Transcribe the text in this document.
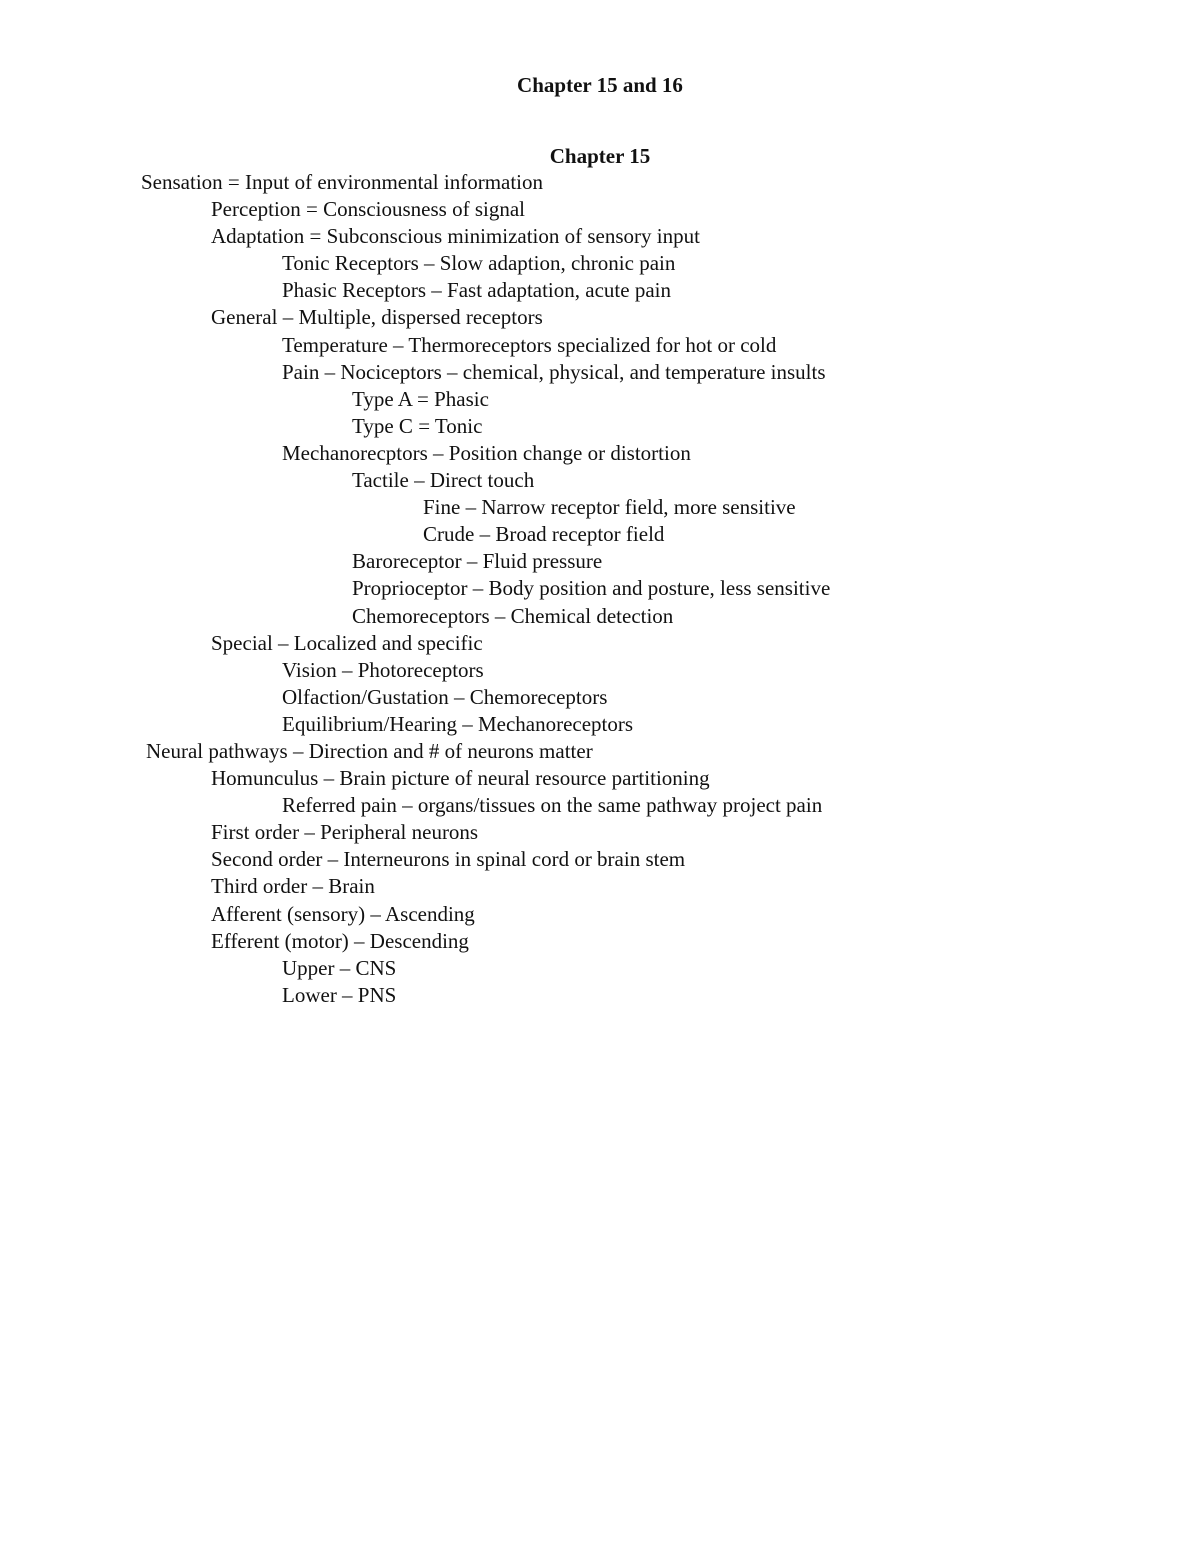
Chapter 15 and 16
Chapter 15
Sensation = Input of environmental information
Perception = Consciousness of signal
Adaptation = Subconscious minimization of sensory input
Tonic Receptors – Slow adaption, chronic pain
Phasic Receptors – Fast adaptation, acute pain
General – Multiple, dispersed receptors
Temperature – Thermoreceptors specialized for hot or cold
Pain – Nociceptors – chemical, physical, and temperature insults
Type A = Phasic
Type C = Tonic
Mechanorecptors – Position change or distortion
Tactile – Direct touch
Fine – Narrow receptor field, more sensitive
Crude – Broad receptor field
Baroreceptor – Fluid pressure
Proprioceptor – Body position and posture, less sensitive
Chemoreceptors – Chemical detection
Special – Localized and specific
Vision – Photoreceptors
Olfaction/Gustation – Chemoreceptors
Equilibrium/Hearing – Mechanoreceptors
Neural pathways – Direction and # of neurons matter
Homunculus – Brain picture of neural resource partitioning
Referred pain – organs/tissues on the same pathway project pain
First order – Peripheral neurons
Second order – Interneurons in spinal cord or brain stem
Third order – Brain
Afferent (sensory) – Ascending
Efferent (motor) – Descending
Upper – CNS
Lower – PNS
